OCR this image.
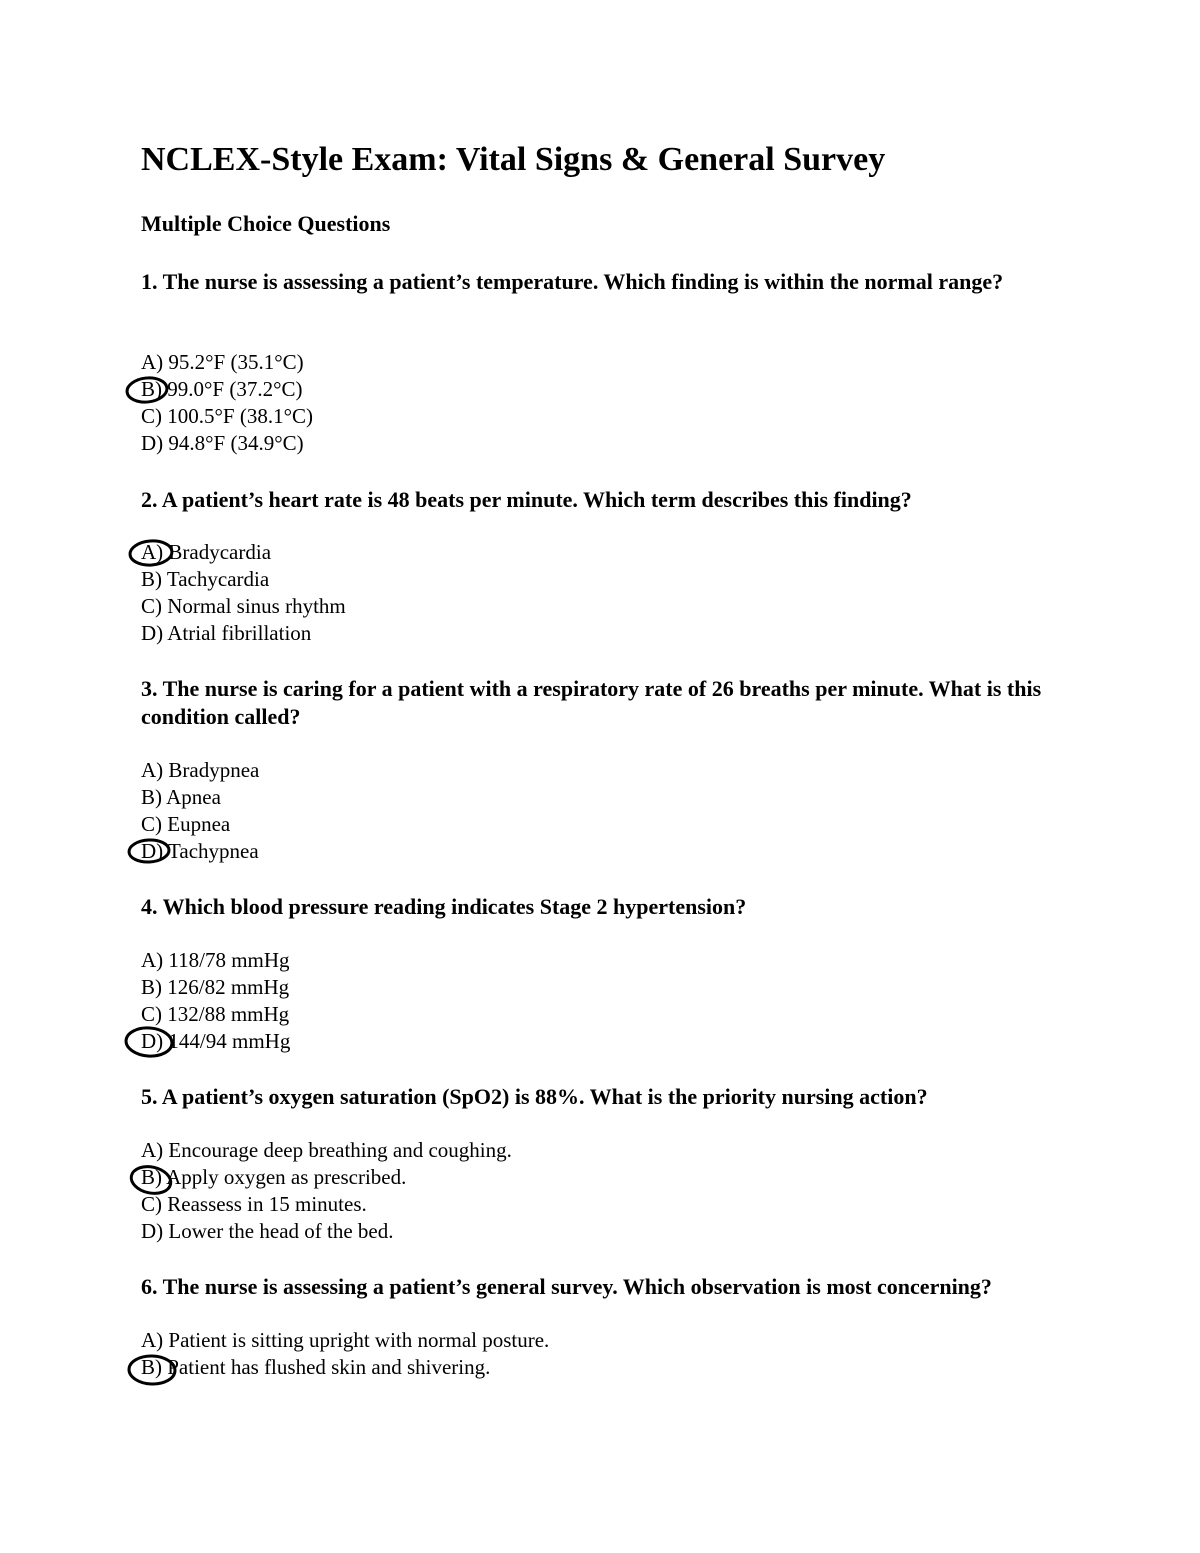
NCLEX-Style Exam: Vital Signs & General Survey
Multiple Choice Questions

1. The nurse is assessing a patient’s temperature. Which finding is within the normal range?

A) 95.2°F (35.1°C)
B) 99.0°F (37.2°C)
C) 100.5°F (38.1°C)
D) 94.8°F (34.9°C)

2. A patient’s heart rate is 48 beats per minute. Which term describes this finding?

A) Bradycardia
B) Tachycardia
C) Normal sinus rhythm
D) Atrial fibrillation

3. The nurse is caring for a patient with a respiratory rate of 26 breaths per minute. What is this condition called?

A) Bradypnea
B) Apnea
C) Eupnea
D) Tachypnea

4. Which blood pressure reading indicates Stage 2 hypertension?

A) 118/78 mmHg
B) 126/82 mmHg
C) 132/88 mmHg
D) 144/94 mmHg

5. A patient’s oxygen saturation (SpO2) is 88%. What is the priority nursing action?

A) Encourage deep breathing and coughing.
B) Apply oxygen as prescribed.
C) Reassess in 15 minutes.
D) Lower the head of the bed.

6. The nurse is assessing a patient’s general survey. Which observation is most concerning?

A) Patient is sitting upright with normal posture.
B) Patient has flushed skin and shivering.
